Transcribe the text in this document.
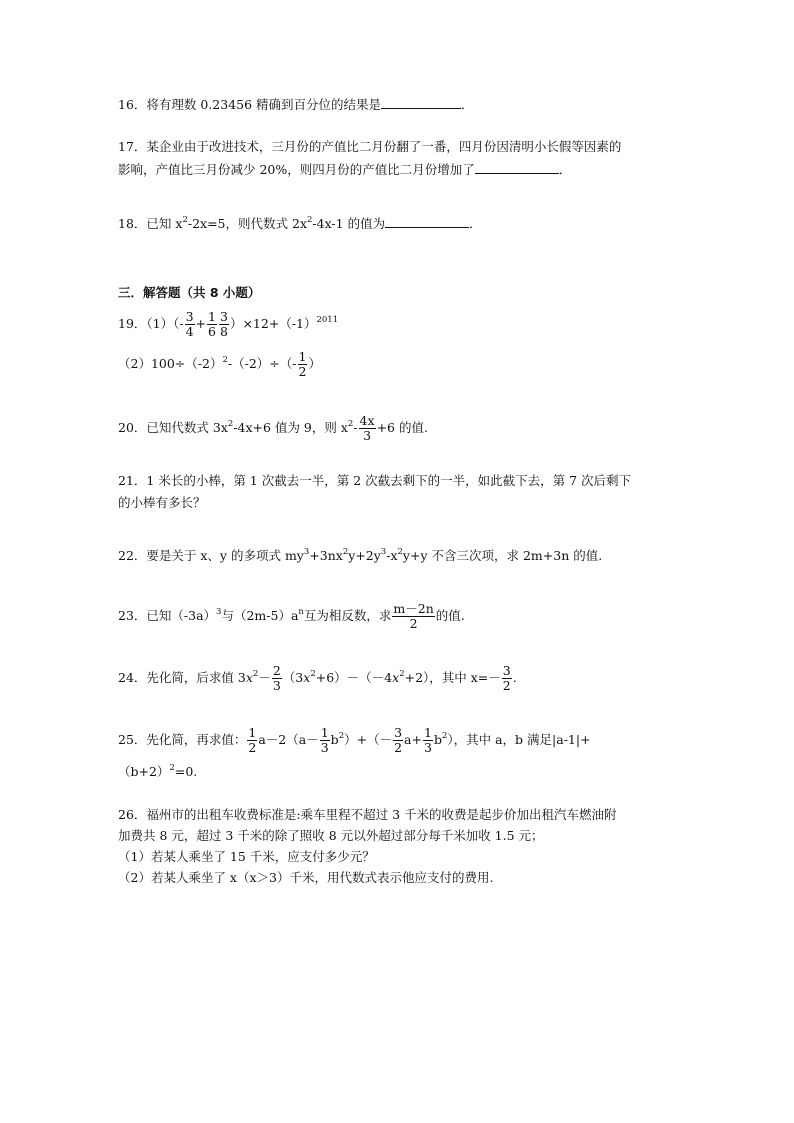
16．将有理数 0.23456 精确到百分位的结果是	．
17．某企业由于改进技术，三月份的产值比二月份翻了一番，四月份因清明小长假等因素的
影响，产值比三月份减少 20%，则四月份的产值比二月份增加了	．
18．已知 $x^2-2x=5$，则代数式 $2x^2-4x-1$ 的值为	．
三．解答题（共 8 小题）
19．$(1)(- \frac{3}{4} + \frac{1}{6} \frac{3}{8} )\times 12+(-1)^{2011}$
$(2)100\div(-2)^2-(-2)\div(- \frac{1}{2}$ ）
20．已知代数式 $3x^2-4x+6$ 值为 9，则 $x^2- \frac{4x}{3} +6$ 的值.
21．1 米长的小棒，第 1 次截去一半，第 2 次截去剩下的一半，如此截下去，第 7 次后剩下
的小棒有多长？
22．要是关于 x、y 的多项式 $my^3+3nx^2y+2y^3-x^2y+y$ 不含三次项，求 2m+3n 的值.
23．已知$(-3a)^3$与$(2m-5)a^n$互为相反数，求 $\frac{m-2n}{2}$ 的值.
24．先化简，后求值 $3x^2- \frac{2}{3} (3x^2+6)-(-4x^2+2)$，其中 $x=- \frac{3}{2}$ .
25．先化简，再求值： $\frac{1}{2} a-2(a- \frac{1}{3} b^2)+(- \frac{3}{2} a+ \frac{1}{3} b^2)$，其中 a，b 满足|a-1|+
$(b+2)^2=0$.
26．福州市的出租车收费标准是:乘车里程不超过 3 千米的收费是起步价加出租汽车燃油附
加费共 8 元，超过 3 千米的除了照收 8 元以外超过部分每千米加收 1.5 元；
（1）若某人乘坐了 15 千米，应支付多少元？
（2）若某人乘坐了 x（x＞3）千米，用代数式表示他应支付的费用.
